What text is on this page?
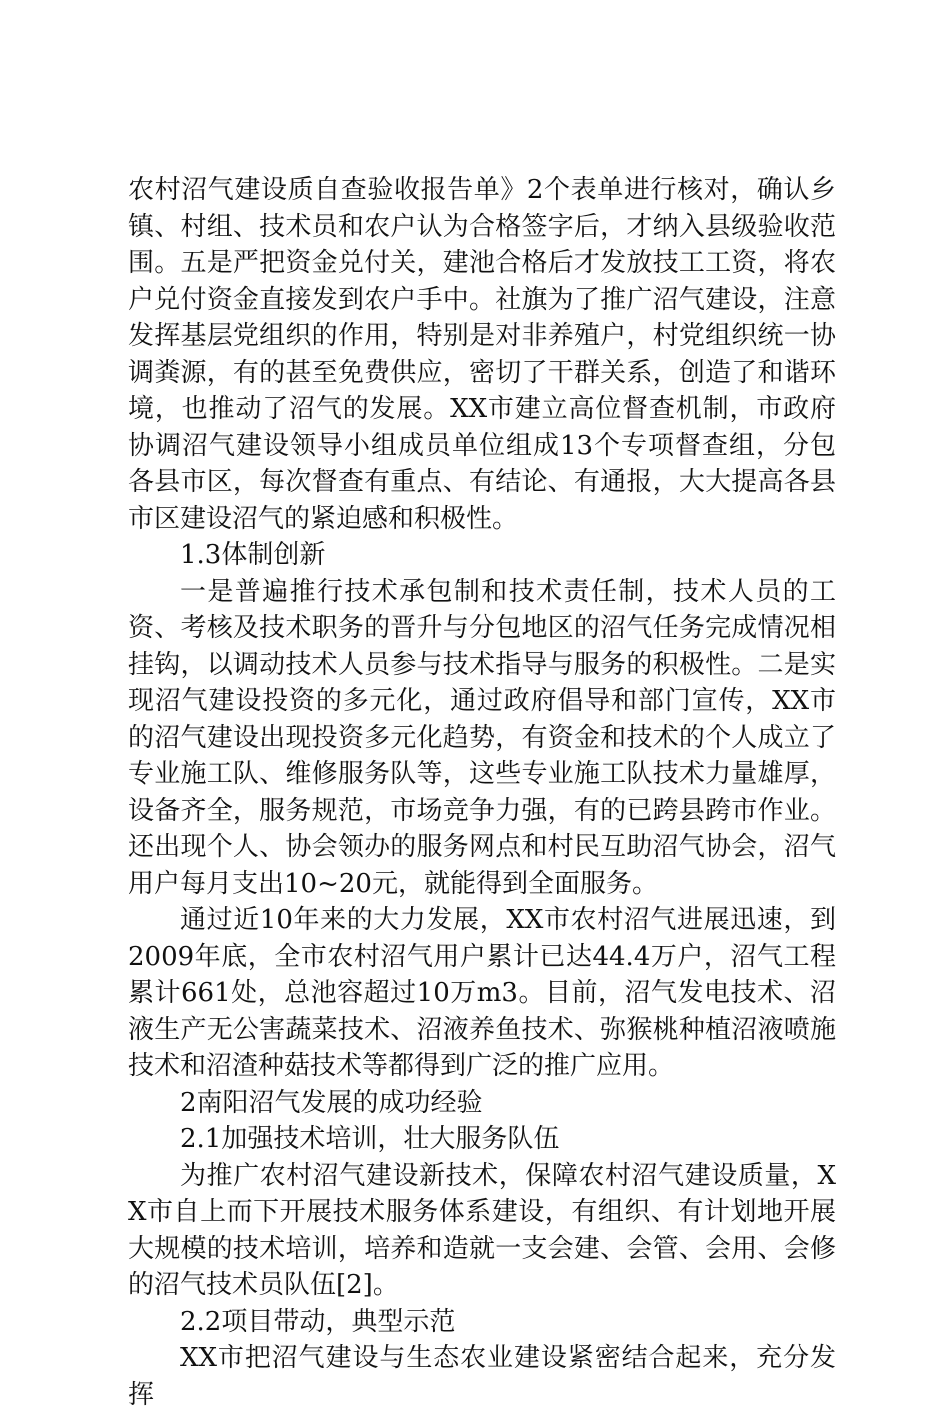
农村沼气建设质自查验收报告单》2个表单进行核对，确认乡镇、村组、技术员和农户认为合格签字后，才纳入县级验收范围。五是严把资金兑付关，建池合格后才发放技工工资，将农户兑付资金直接发到农户手中。社旗为了推广沼气建设，注意发挥基层党组织的作用，特别是对非养殖户，村党组织统一协调粪源，有的甚至免费供应，密切了干群关系，创造了和谐环境，也推动了沼气的发展。XX市建立高位督查机制，市政府协调沼气建设领导小组成员单位组成13个专项督查组，分包各县市区，每次督查有重点、有结论、有通报，大大提高各县市区建设沼气的紧迫感和积极性。

1.3体制创新

一是普遍推行技术承包制和技术责任制，技术人员的工资、考核及技术职务的晋升与分包地区的沼气任务完成情况相挂钩，以调动技术人员参与技术指导与服务的积极性。二是实现沼气建设投资的多元化，通过政府倡导和部门宣传，XX市的沼气建设出现投资多元化趋势，有资金和技术的个人成立了专业施工队、维修服务队等，这些专业施工队技术力量雄厚，设备齐全，服务规范，市场竞争力强，有的已跨县跨市作业。还出现个人、协会领办的服务网点和村民互助沼气协会，沼气用户每月支出10~20元，就能得到全面服务。

通过近10年来的大力发展，XX市农村沼气进展迅速，到2009年底，全市农村沼气用户累计已达44.4万户，沼气工程累计661处，总池容超过10万m3。目前，沼气发电技术、沼液生产无公害蔬菜技术、沼液养鱼技术、弥猴桃种植沼液喷施技术和沼渣种菇技术等都得到广泛的推广应用。

2南阳沼气发展的成功经验

2.1加强技术培训，壮大服务队伍

为推广农村沼气建设新技术，保障农村沼气建设质量，XX市自上而下开展技术服务体系建设，有组织、有计划地开展大规模的技术培训，培养和造就一支会建、会管、会用、会修的沼气技术员队伍[2]。

2.2项目带动，典型示范

XX市把沼气建设与生态农业建设紧密结合起来，充分发挥
